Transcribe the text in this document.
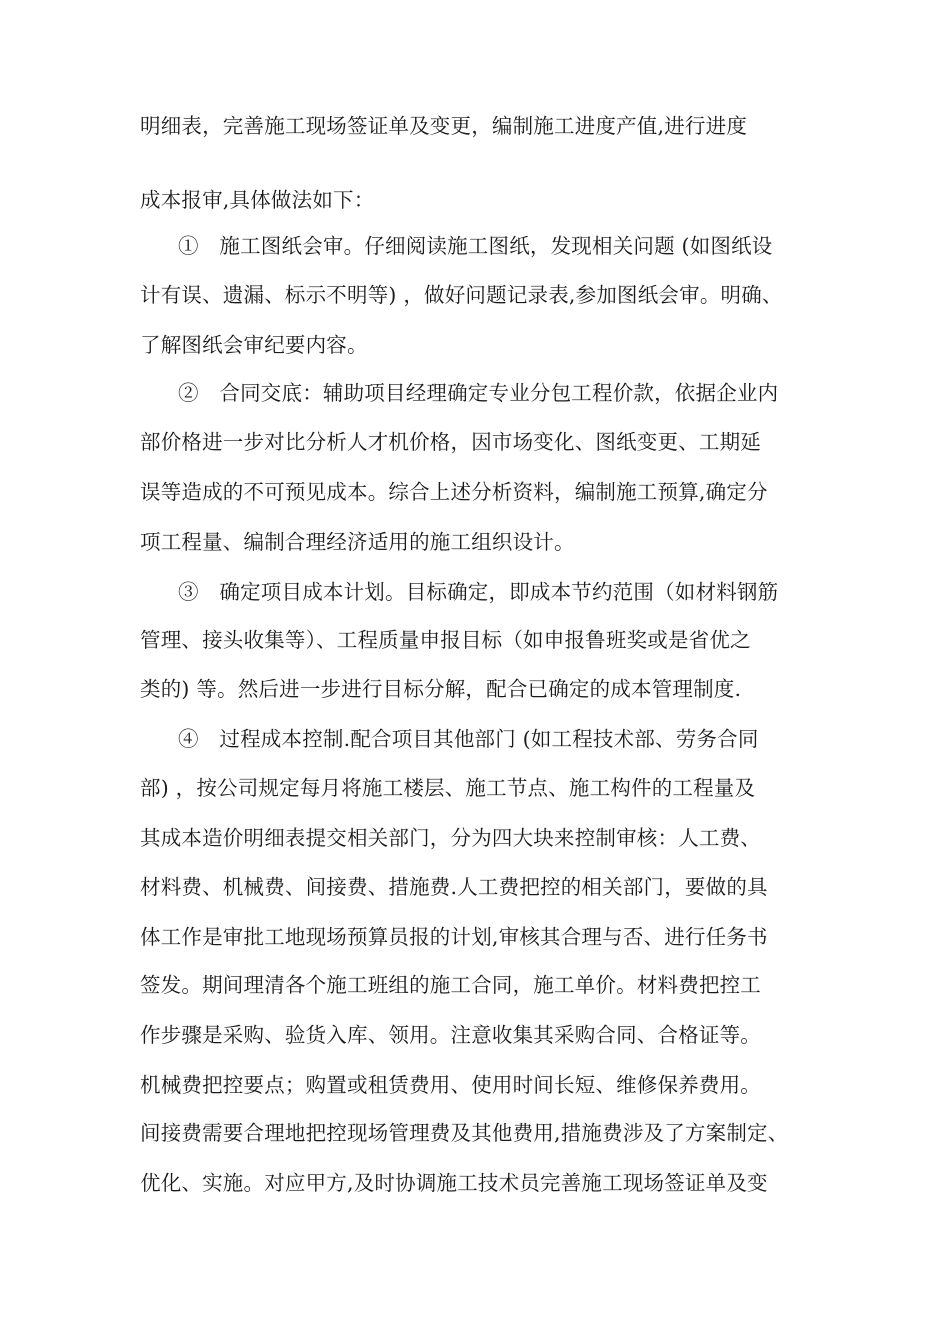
明细表，完善施工现场签证单及变更，编制施工进度产值,进行进度
成本报审,具体做法如下：
①　施工图纸会审。仔细阅读施工图纸，发现相关问题 (如图纸设
计有误、遗漏、标示不明等) ，做好问题记录表,参加图纸会审。明确、
了解图纸会审纪要内容。
②　合同交底：辅助项目经理确定专业分包工程价款，依据企业内
部价格进一步对比分析人才机价格，因市场变化、图纸变更、工期延
误等造成的不可预见成本。综合上述分析资料，编制施工预算,确定分
项工程量、编制合理经济适用的施工组织设计。
③　确定项目成本计划。目标确定，即成本节约范围（如材料钢筋
管理、接头收集等）、工程质量申报目标（如申报鲁班奖或是省优之
类的) 等。然后进一步进行目标分解，配合已确定的成本管理制度.
④　过程成本控制.配合项目其他部门 (如工程技术部、劳务合同
部) ，按公司规定每月将施工楼层、施工节点、施工构件的工程量及
其成本造价明细表提交相关部门，分为四大块来控制审核：人工费、
材料费、机械费、间接费、措施费.人工费把控的相关部门，要做的具
体工作是审批工地现场预算员报的计划,审核其合理与否、进行任务书
签发。期间理清各个施工班组的施工合同，施工单价。材料费把控工
作步骤是采购、验货入库、领用。注意收集其采购合同、合格证等。
机械费把控要点；购置或租赁费用、使用时间长短、维修保养费用。
间接费需要合理地把控现场管理费及其他费用,措施费涉及了方案制定、
优化、实施。对应甲方,及时协调施工技术员完善施工现场签证单及变
